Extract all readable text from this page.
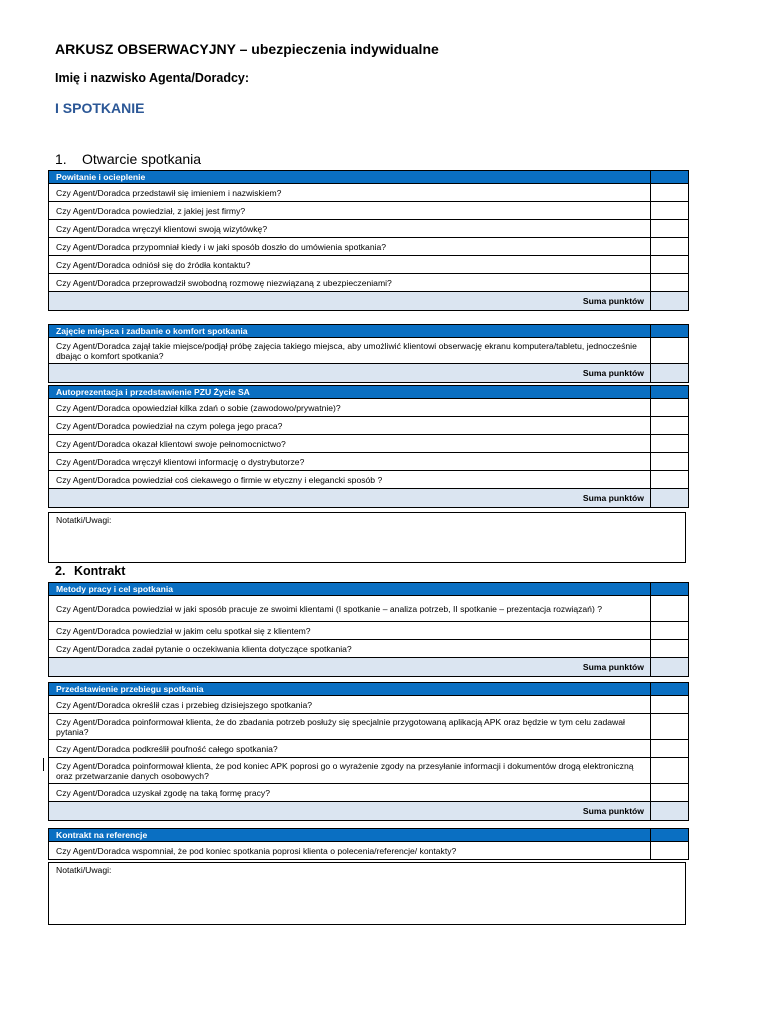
ARKUSZ OBSERWACYJNY – ubezpieczenia indywidualne
Imię i nazwisko Agenta/Doradcy:
I SPOTKANIE
1. Otwarcie spotkania
Powitanie i ocieplenie	
Czy Agent/Doradca przedstawił się imieniem i nazwiskiem?	
Czy Agent/Doradca powiedział, z jakiej jest firmy?	
Czy Agent/Doradca wręczył klientowi swoją wizytówkę?	
Czy Agent/Doradca przypomniał kiedy i w jaki sposób doszło do umówienia spotkania?	
Czy Agent/Doradca odniósł się do źródła kontaktu?	
Czy Agent/Doradca przeprowadził swobodną rozmowę niezwiązaną z ubezpieczeniami?	
Suma punktów	
Zajęcie miejsca i zadbanie o komfort spotkania	
Czy Agent/Doradca zajął takie miejsce/podjął próbę zajęcia takiego miejsca, aby umożliwić klientowi obserwację ekranu komputera/tabletu, jednocześnie dbając o komfort spotkania?	
Suma punktów	
Autoprezentacja i przedstawienie PZU Życie SA	
Czy Agent/Doradca opowiedział kilka zdań o sobie (zawodowo/prywatnie)?	
Czy Agent/Doradca powiedział na czym polega jego praca?	
Czy Agent/Doradca okazał klientowi swoje pełnomocnictwo?	
Czy Agent/Doradca wręczył klientowi informację o dystrybutorze?	
Czy Agent/Doradca powiedział coś ciekawego o firmie w etyczny i elegancki sposób ?	
Suma punktów	
Notatki/Uwagi:
2. Kontrakt
Metody pracy i cel spotkania	
Czy Agent/Doradca powiedział w jaki sposób pracuje ze swoimi klientami (I spotkanie – analiza potrzeb, II spotkanie – prezentacja rozwiązań) ?	
Czy Agent/Doradca powiedział w jakim celu spotkał się z klientem?	
Czy Agent/Doradca zadał pytanie o oczekiwania klienta dotyczące spotkania?	
Suma punktów	
Przedstawienie przebiegu spotkania	
Czy Agent/Doradca określił czas i przebieg dzisiejszego spotkania?	
Czy Agent/Doradca poinformował klienta, że do zbadania potrzeb posłuży się specjalnie przygotowaną aplikacją APK oraz będzie w tym celu zadawał pytania?	
Czy Agent/Doradca podkreślił poufność całego spotkania?	
Czy Agent/Doradca poinformował klienta, że pod koniec APK poprosi go o wyrażenie zgody na przesyłanie informacji i dokumentów drogą elektroniczną oraz przetwarzanie danych osobowych?	
Czy Agent/Doradca uzyskał zgodę na taką formę pracy?	
Suma punktów	
Kontrakt na referencje	
Czy Agent/Doradca wspomniał, że pod koniec spotkania poprosi klienta o polecenia/referencje/ kontakty?	
Notatki/Uwagi:
